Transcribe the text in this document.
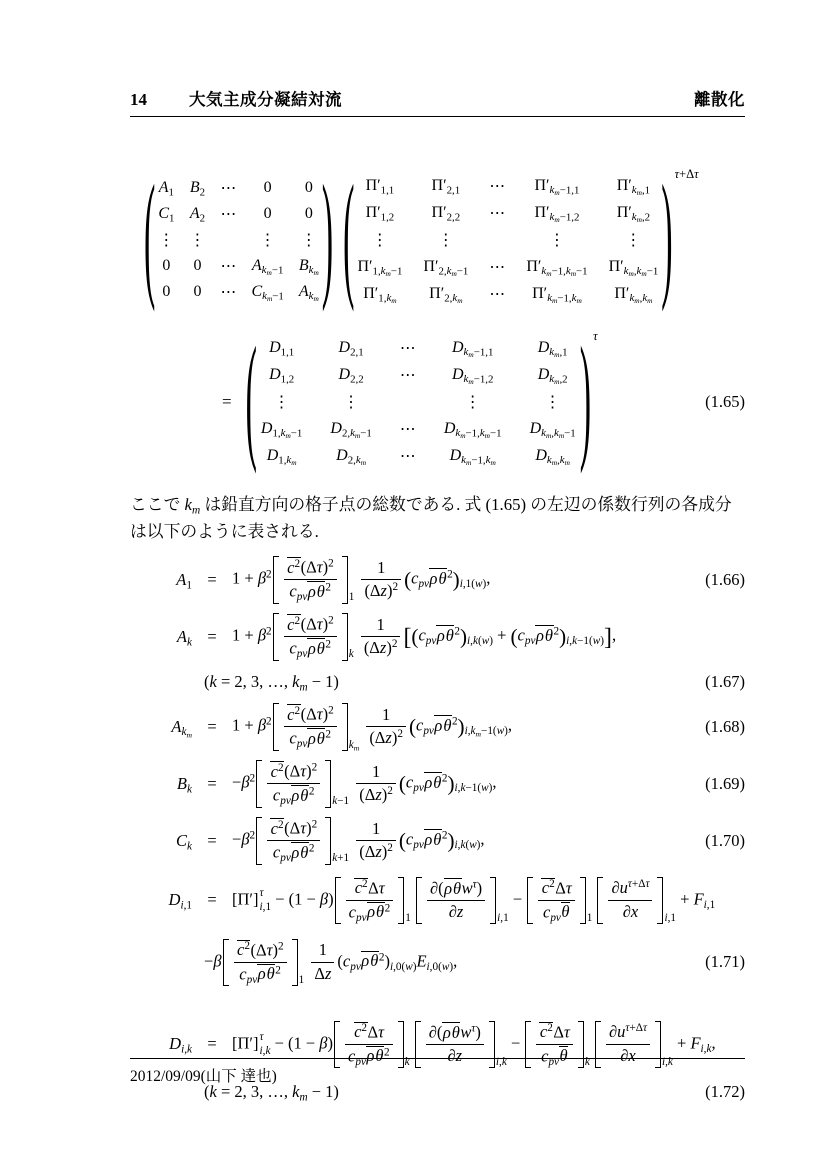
14	大気主成分凝結対流	離散化
( $A_1$ $B_2$ ⋯ 0 0
$C_1$ $A_2$ ⋯ 0 0
⋮ ⋮	⋮ ⋮
0 0 ⋯ $A_{k_m-1}$ $B_{k_m}$
0 0 ⋯ $C_{k_m-1}$ $A_{k_m}$ ) ( $\Pi'_{1,1}$ $\Pi'_{2,1}$ ⋯ $\Pi'_{k_m-1,1}$ $\Pi'_{k_m,1}$
$\Pi'_{1,2}$ $\Pi'_{2,2}$ ⋯ $\Pi'_{k_m-1,2}$ $\Pi'_{k_m,2}$
⋮	⋮	⋮	⋮
$\Pi'_{1,k_m-1}$ $\Pi'_{2,k_m-1}$ ⋯ $\Pi'_{k_m-1,k_m-1}$ $\Pi'_{k_m,k_m-1}$
$\Pi'_{1,k_m}$ $\Pi'_{2,k_m}$ ⋯ $\Pi'_{k_m-1,k_m}$ $\Pi'_{k_m,k_m}$ ) τ+Δτ
= ( $D_{1,1}$	$D_{2,1}$ ⋯ $D_{k_m-1,1}$	$D_{k_m,1}$
$D_{1,2}$	$D_{2,2}$ ⋯ $D_{k_m-1,2}$	$D_{k_m,2}$
⋮	⋮	⋮	⋮
$D_{1,k_m-1}$ $D_{2,k_m-1}$ ⋯ $D_{k_m-1,k_m-1}$ $D_{k_m,k_m-1}$
$D_{1,k_m}$ $D_{2,k_m}$ ⋯ $D_{k_m-1,k_m}$ $D_{k_m,k_m}$ ) τ
(1.65)
ここで $k_m$ は鉛直方向の格子点の総数である. 式 (1.65) の左辺の係数行列の各成分は以下のように表される.
$A_1 = 1 + \beta^2$ $c^2(\Delta\tau)^2$
$c_{pv}\rho\theta^2$
$_1 \frac{1}{(\Delta z)^2} (c_{pv}\rho\theta^2)_{i,1(w)}$,	(1.66)
$A_k = 1 + \beta^2$ $c^2(\Delta\tau)^2$
$c_{pv}\rho\theta^2$
$_k \frac{1}{(\Delta z)^2} [(c_{pv}\rho\theta^2)_{i,k(w)} + (c_{pv}\rho\theta^2)_{i,k-1(w)}]$,
(k = 2, 3, …, $k_m - 1$)	(1.67)
$A_{k_m} = 1 + \beta^2$ $c^2(\Delta\tau)^2$
$c_{pv}\rho\theta^2$
$_{k_m} \frac{1}{(\Delta z)^2} (c_{pv}\rho\theta^2)_{i,k_m-1(w)}$,	(1.68)
$B_k = -\beta^2$ $c^2(\Delta\tau)^2$
$c_{pv}\rho\theta^2$
$_{k-1} \frac{1}{(\Delta z)^2} (c_{pv}\rho\theta^2)_{i,k-1(w)}$,	(1.69)
$C_k = -\beta^2$ $c^2(\Delta\tau)^2$
$c_{pv}\rho\theta^2$
$_{k+1} \frac{1}{(\Delta z)^2} (c_{pv}\rho\theta^2)_{i,k(w)}$,	(1.70)
$D_{i,1} = [\Pi']$ τ
i,1 − (1 − β)
$c^2\Delta\tau$
$c_{pv}\rho\theta^2$
$_1$
∂(ρθw$^\tau$)
∂z	$_{i,1}$ −
$c^2\Delta\tau$
$c_{pv}\theta$	$_1$
$\partial u^{\tau+\Delta\tau}$
∂x	$_{i,1} + F_{i,1}$
−β
$c^2(\Delta\tau)^2$
$c_{pv}\rho\theta^2$
$_1 \frac{1}{\Delta z} (c_{pv}\rho\theta^2)_{i,0(w)}E_{i,0(w)}$,	(1.71)
$D_{i,k} = [\Pi']$ τ
i,k − (1 − β)
$c^2\Delta\tau$
$c_{pv}\rho\theta^2$
$_k$
∂(ρθw$^\tau$)
∂z	$_{i,k}$ −
$c^2\Delta\tau$
$c_{pv}\theta$	$_k$
$\partial u^{\tau+\Delta\tau}$
∂x	$_{i,k} + F_{i,k}$,
(k = 2, 3, …, $k_m - 1$)	(1.72)
2012/09/09(山下 達也)
